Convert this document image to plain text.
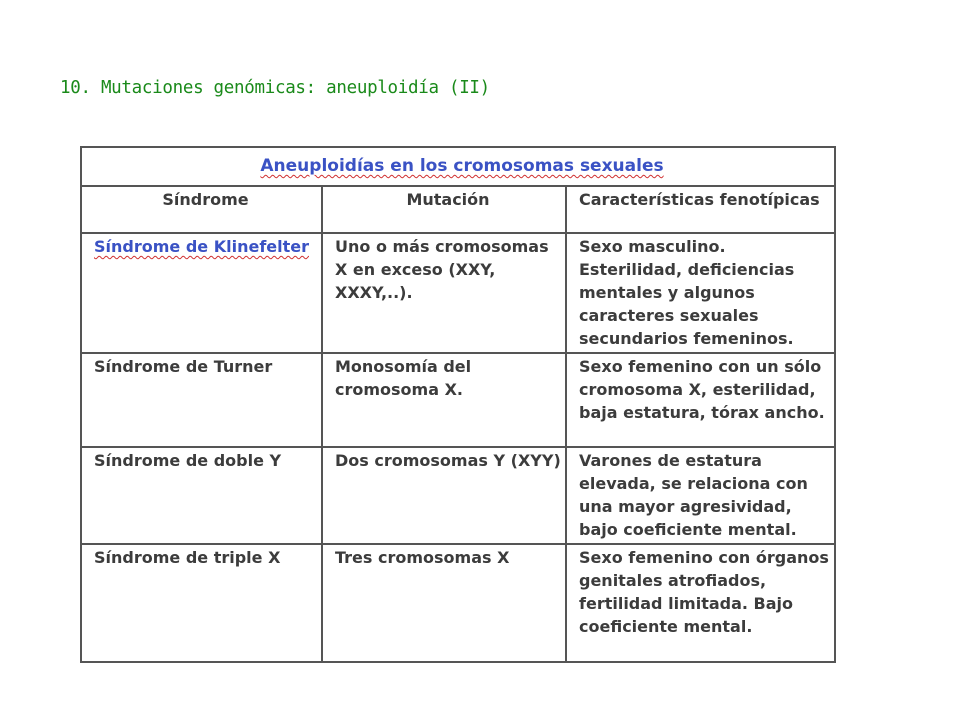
10. Mutaciones genómicas: aneuploidía (II)
Aneuploidías en los cromosomas sexuales		
Síndrome	Mutación	Características fenotípicas
Síndrome de Klinefelter	Uno o más cromosomas X en exceso (XXY, XXXY,..).	Sexo masculino. Esterilidad, deficiencias mentales y algunos caracteres sexuales secundarios femeninos.
Síndrome de Turner	Monosomía del cromosoma X.	Sexo femenino con un sólo cromosoma X, esterilidad, baja estatura, tórax ancho.
Síndrome de doble Y	Dos cromosomas Y (XYY)	Varones de estatura elevada, se relaciona con una mayor agresividad, bajo coeficiente mental.
Síndrome de triple X	Tres cromosomas X	Sexo femenino con órganos genitales atrofiados, fertilidad limitada. Bajo coeficiente mental.
